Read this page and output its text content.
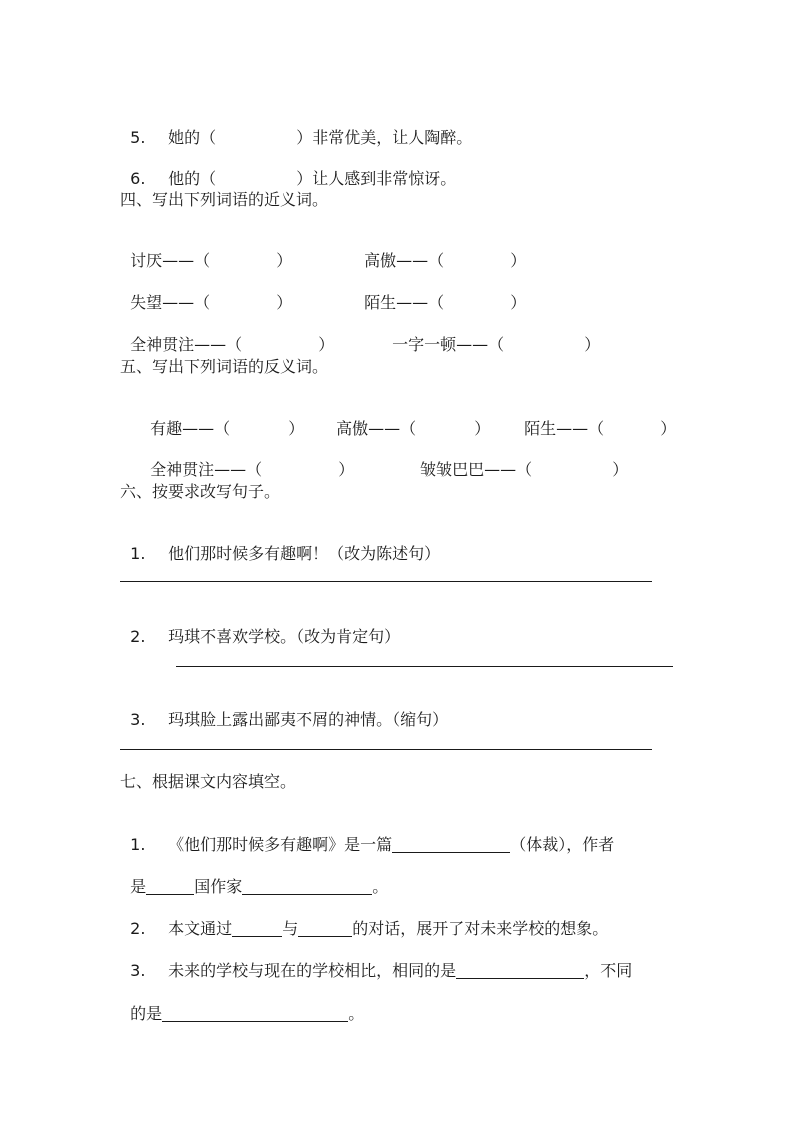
5. 她的（	）非常优美，让人陶醉。

6. 他的（	）让人感到非常惊讶。

四、写出下列词语的近义词。

讨厌——（	）	高傲——（	）

失望——（	）	陌生——（	）

全神贯注——（	）	一字一顿——（	）

五、写出下列词语的反义词。

有趣——（	）	高傲——（	）	陌生——（	）

全神贯注——（	）	皱皱巴巴——（	）

六、按要求改写句子。

1. 他们那时候多有趣啊！（改为陈述句）

2. 玛琪不喜欢学校。（改为肯定句）

3. 玛琪脸上露出鄙夷不屑的神情。（缩句）

七、根据课文内容填空。

1. 《他们那时候多有趣啊》是一篇	（体裁），作者

是	国作家	。

2. 本文通过	与	的对话，展开了对未来学校的想象。

3. 未来的学校与现在的学校相比，相同的是	，不同

的是	。
